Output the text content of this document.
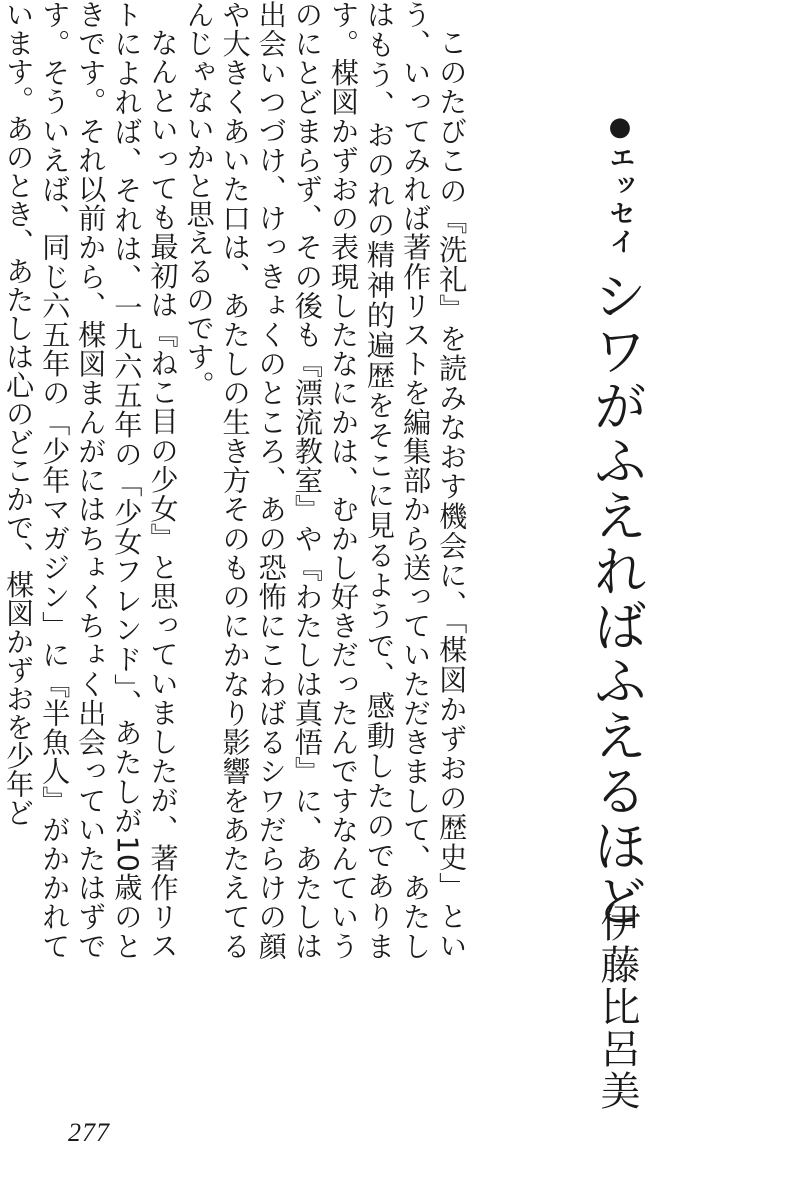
●エッセイ
シワがふえればふえるほど
伊藤比呂美

このたびこの『洗礼』を読みなおす機会に、「楳図かずおの歴史」という、いってみれば著作リストを編集部から送っていただきまして、あたしはもう、おのれの精神的遍歴をそこに見るようで、感動したのであります。楳図かずおの表現したなにかは、むかし好きだったんですなんていうのにとどまらず、その後も『漂流教室』や『わたしは真悟』に、あたしは出会いつづけ、けっきょくのところ、あの恐怖にこわばるシワだらけの顔や大きくあいた口は、あたしの生き方そのものにかなり影響をあたえてるんじゃないかと思えるのです。

なんといっても最初は『ねこ目の少女』と思っていましたが、著作リストによれば、それは、一九六五年の「少女フレンド」、あたしが10歳のときです。それ以前から、楳図まんがにはちょくちょく出会っていたはずです。そういえば、同じ六五年の「少年マガジン」に『半魚人』がかかれています。あのとき、あたしは心のどこかで、楳図かずおを少年ど

277
